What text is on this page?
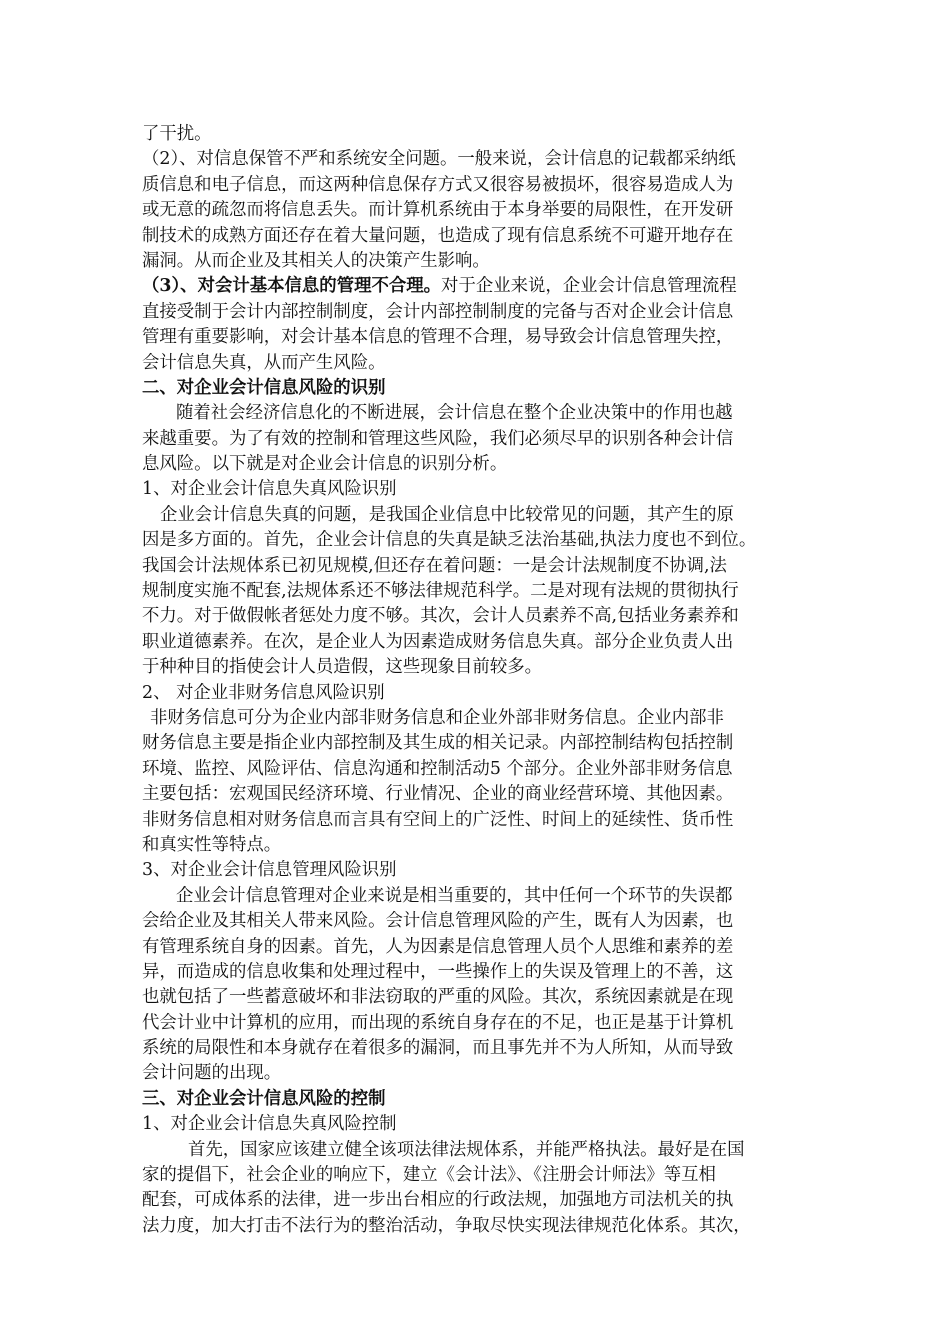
了干扰。
（2）、对信息保管不严和系统安全问题。一般来说，会计信息的记载都采纳纸
质信息和电子信息，而这两种信息保存方式又很容易被损坏，很容易造成人为
或无意的疏忽而将信息丢失。而计算机系统由于本身举要的局限性，在开发研
制技术的成熟方面还存在着大量问题，也造成了现有信息系统不可避开地存在
漏洞。从而企业及其相关人的决策产生影响。
（3）、对会计基本信息的管理不合理。对于企业来说，企业会计信息管理流程
直接受制于会计内部控制制度，会计内部控制制度的完备与否对企业会计信息
管理有重要影响，对会计基本信息的管理不合理，易导致会计信息管理失控，
会计信息失真，从而产生风险。
二、对企业会计信息风险的识别
随着社会经济信息化的不断进展，会计信息在整个企业决策中的作用也越
来越重要。为了有效的控制和管理这些风险，我们必须尽早的识别各种会计信
息风险。以下就是对企业会计信息的识别分析。
1、对企业会计信息失真风险识别
企业会计信息失真的问题，是我国企业信息中比较常见的问题，其产生的原
因是多方面的。首先，企业会计信息的失真是缺乏法治基础,执法力度也不到位。
我国会计法规体系已初见规模,但还存在着问题：一是会计法规制度不协调,法
规制度实施不配套,法规体系还不够法律规范科学。二是对现有法规的贯彻执行
不力。对于做假帐者惩处力度不够。其次，会计人员素养不高,包括业务素养和
职业道德素养。在次，是企业人为因素造成财务信息失真。部分企业负责人出
于种种目的指使会计人员造假，这些现象目前较多。
2、 对企业非财务信息风险识别
非财务信息可分为企业内部非财务信息和企业外部非财务信息。企业内部非
财务信息主要是指企业内部控制及其生成的相关记录。内部控制结构包括控制
环境、监控、风险评估、信息沟通和控制活动5 个部分。企业外部非财务信息
主要包括：宏观国民经济环境、行业情况、企业的商业经营环境、其他因素。
非财务信息相对财务信息而言具有空间上的广泛性、时间上的延续性、货币性
和真实性等特点。
3、对企业会计信息管理风险识别
企业会计信息管理对企业来说是相当重要的，其中任何一个环节的失误都
会给企业及其相关人带来风险。会计信息管理风险的产生，既有人为因素，也
有管理系统自身的因素。首先，人为因素是信息管理人员个人思维和素养的差
异，而造成的信息收集和处理过程中，一些操作上的失误及管理上的不善，这
也就包括了一些蓄意破坏和非法窃取的严重的风险。其次，系统因素就是在现
代会计业中计算机的应用，而出现的系统自身存在的不足，也正是基于计算机
系统的局限性和本身就存在着很多的漏洞，而且事先并不为人所知，从而导致
会计问题的出现。
三、对企业会计信息风险的控制
1、对企业会计信息失真风险控制
首先，国家应该建立健全该项法律法规体系，并能严格执法。最好是在国
家的提倡下，社会企业的响应下，建立《会计法》、《注册会计师法》等互相
配套，可成体系的法律，进一步出台相应的行政法规，加强地方司法机关的执
法力度，加大打击不法行为的整治活动，争取尽快实现法律规范化体系。其次，
